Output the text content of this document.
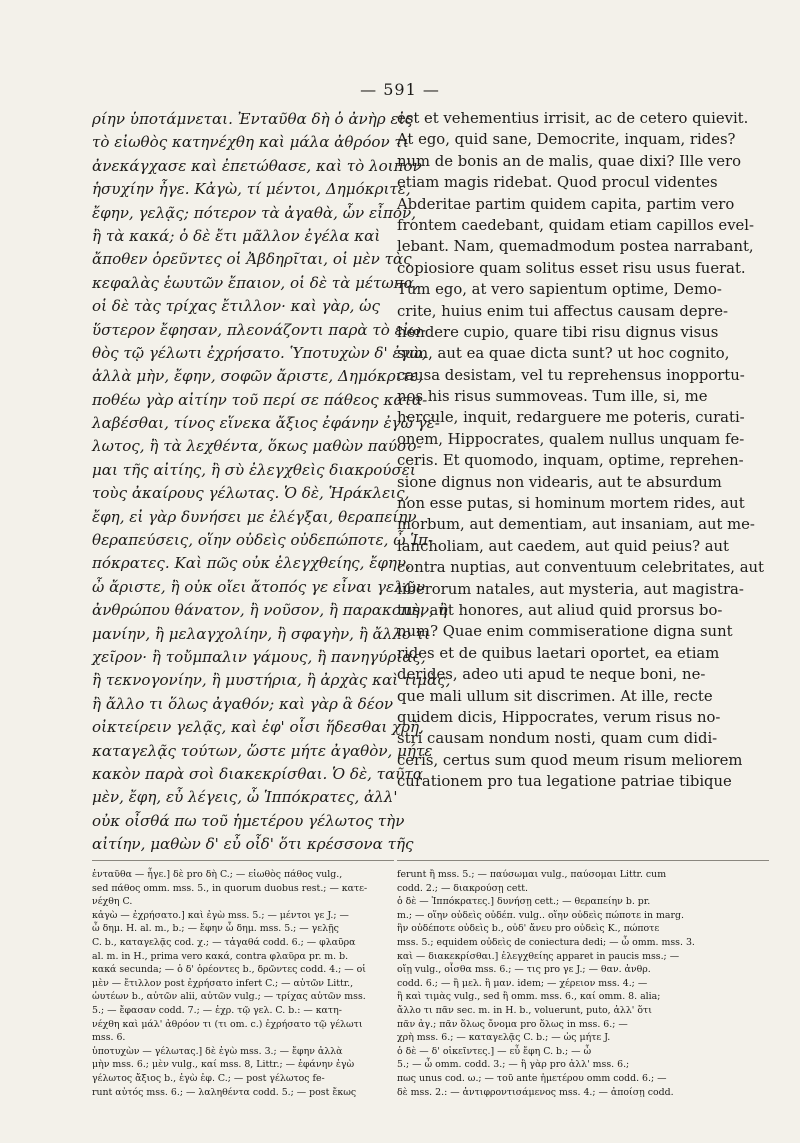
— 591 —
ρίην ὑποτάμνεται. Ἐνταῦθα δὴ ὁ ἀνὴρ εἰς
τὸ εἰωθὸς κατηνέχθη καὶ μάλα ἀθρόον τι
ἀνεκάγχασε καὶ ἐπετώθασε, καὶ τὸ λοιπὸν
ἡσυχίην ἦγε. Κἀγὼ, τί μέντοι, Δημόκριτε,
ἔφην, γελᾷς; πότερον τὰ ἀγαθὰ, ὧν εἶπον,
ἢ τὰ κακά; ὁ δὲ ἔτι μᾶλλον ἐγέλα καὶ
ἄποθεν ὁρεῦντες οἱ Ἀβδηρῖται, οἱ μὲν τὰς
κεφαλὰς ἑωυτῶν ἔπαιον, οἱ δὲ τὰ μέτωπα,
οἱ δὲ τὰς τρίχας ἔτιλλον· καὶ γὰρ, ὡς
ὕστερον ἔφησαν, πλεονάζοντι παρὰ τὸ εἰω-
θὸς τῷ γέλωτι ἐχρήσατο. Ὑποτυχὼν δ' ἐγὼ,
ἀλλὰ μὴν, ἔφην, σοφῶν ἄριστε, Δημόκριτε,
ποθέω γὰρ αἰτίην τοῦ περί σε πάθεος κατα-
λαβέσθαι, τίνος εἵνεκα ἄξιος ἐφάνην ἐγὼ γέ-
λωτος, ἢ τὰ λεχθέντα, ὅκως μαθὼν παύσο-
μαι τῆς αἰτίης, ἢ σὺ ἐλεγχθεὶς διακρούσει
τοὺς ἀκαίρους γέλωτας. Ὁ δὲ, Ἡράκλεις,
ἔφη, εἰ γὰρ δυνήσει με ἐλέγξαι, θεραπείην
θεραπεύσεις, οἵην οὐδεὶς οὐδεπώποτε, ὦ Ἱπ-
πόκρατες. Καὶ πῶς οὐκ ἐλεγχθείης, ἔφην,
ὦ ἄριστε, ἢ οὐκ οἴει ἄτοπός γε εἶναι γελῶν
ἀνθρώπου θάνατον, ἢ νοῦσον, ἢ παρακοπὴν, ἢ
μανίην, ἢ μελαγχολίην, ἢ σφαγὴν, ἢ ἄλλο τι
χεῖρον· ἢ τοὔμπαλιν γάμους, ἢ πανηγύριας,
ἢ τεκνογονίην, ἢ μυστήρια, ἢ ἀρχὰς καὶ τιμὰς,
ἢ ἄλλο τι ὅλως ἀγαθόν; καὶ γὰρ ἃ δέον
οἰκτείρειν γελᾷς, καὶ ἐφ' οἷσι ἥδεσθαι χρὴ,
καταγελᾷς τούτων, ὥστε μήτε ἀγαθὸν, μήτε
κακὸν παρὰ σοὶ διακεκρίσθαι. Ὁ δὲ, ταῦτα
μὲν, ἔφη, εὖ λέγεις, ὦ Ἱππόκρατες, ἀλλ'
οὐκ οἶσθά πω τοῦ ἡμετέρου γέλωτος τὴν
αἰτίην, μαθὼν δ' εὖ οἶδ' ὅτι κρέσσονα τῆς
est et vehementius irrisit, ac de cetero quievit.
At ego, quid sane, Democrite, inquam, rides?
num de bonis an de malis, quae dixi? Ille vero
etiam magis ridebat. Quod procul videntes
Abderitae partim quidem capita, partim vero
frontem caedebant, quidam etiam capillos evel-
lebant. Nam, quemadmodum postea narrabant,
copiosiore quam solitus esset risu usus fuerat.
Tum ego, at vero sapientum optime, Demo-
crite, huius enim tui affectus causam depre-
hendere cupio, quare tibi risu dignus visus
sum, aut ea quae dicta sunt? ut hoc cognito,
causa desistam, vel tu reprehensus inopportu-
nos his risus summoveas. Tum ille, si, me
hercule, inquit, redarguere me poteris, curati-
onem, Hippocrates, qualem nullus unquam fe-
ceris. Et quomodo, inquam, optime, reprehen-
sione dignus non videaris, aut te absurdum
non esse putas, si hominum mortem rides, aut
morbum, aut dementiam, aut insaniam, aut me-
lancholiam, aut caedem, aut quid peius? aut
contra nuptias, aut conventuum celebritates, aut
liberorum natales, aut mysteria, aut magistra-
tus, aut honores, aut aliud quid prorsus bo-
num? Quae enim commiseratione digna sunt
rides et de quibus laetari oportet, ea etiam
derides, adeo uti apud te neque boni, ne-
que mali ullum sit discrimen. At ille, recte
quidem dicis, Hippocrates, verum risus no-
stri causam nondum nosti, quam cum didi-
ceris, certus sum quod meum risum meliorem
curationem pro tua legatione patriae tibique
ἐνταῦθα — ἦγε.] δὲ pro δὴ C.; — εἰωθὸς πάθος vulg.,
sed πάθος omm. mss. 5., in quorum duobus rest.; — κατε-
νέχθη C.
κἀγὼ — ἐχρήσατο.] καὶ ἐγὼ mss. 5.; — μέντοι γε J.; —
ὦ δημ. H. al. m., b.; — ἔφην ὦ δημ. mss. 5.; — γελῇς
C. b., καταγελᾷς cod. χ.; — τἀγαθά codd. 6.; — φλαῦρα
al. m. in H., prima vero κακά, contra φλαῦρα pr. m. b.
κακά secunda; — ὁ δ' ὁρέοντες b., δρῶντες codd. 4.; — οἱ
μὲν — ἔτιλλον post ἐχρήσατο infert C.; — αὐτῶν Littr.,
ὡυτέων b., αὐτῶν alii, αὐτῶν vulg.; — τρίχας αὐτῶν mss.
5.; — ἔφασαν codd. 7.; — ἐχρ. τῷ γελ. C. b.: — κατη-
νέχθη καὶ μάλ' ἀθρόον τι (τι om. c.) ἐχρήσατο τῷ γέλωτι
mss. 6.
ὑποτυχὼν — γέλωτας.] δὲ ἐγὼ mss. 3.; — ἔφην ἀλλὰ
μὴν mss. 6.; μὲν vulg., καί mss. 8, Littr.; — ἐφάνην ἐγὼ
γέλωτος ἄξιος b., ἐγὼ ἐφ. C.; — post γέλωτος fe-
runt αὐτός mss. 6.; — λαληθέντα codd. 5.; — post ἔκως
ferunt ἢ mss. 5.; — παύσωμαι vulg., παύσομαι Littr. cum
codd. 2.; — διακρούσῃ cett.
ὁ δὲ — Ἱππόκρατες.] δυνήσῃ cett.; — θεραπείην b. pr.
m.; — οἵην οὐδεὶς οὐδέπ. vulg.. οἵην οὐδεὶς πώποτε in marg.
ἣν οὐδέποτε οὐδεὶς b., οὐδ' ἄνευ pro οὐδεὶς K., πώποτε
mss. 5.; equidem οὐδεὶς de coniectura dedi; — ὦ omm. mss. 3.
καὶ — διακεκρίσθαι.] ἐλεγχθείης apparet in paucis mss.; —
οἴῃ vulg., οἶσθα mss. 6.; — τις pro γε J.; — θαν. ἀνθρ.
codd. 6.; — ἢ μελ. ἢ μαν. idem; — χέρειον mss. 4.; —
ἢ καὶ τιμὰς vulg., sed ἢ omm. mss. 6., καί omm. 8. alia;
ἄλλο τι πᾶν sec. m. in H. b., voluerunt, puto, ἀλλ' ὅτι
πᾶν ἀγ.; πᾶν ὅλως ὄνομα pro ὅλως in mss. 6.; —
χρὴ mss. 6.; — καταγελᾷς C. b.; — ὡς μήτε J.
ὁ δὲ — δ' οἰκεῖντες.] — εὖ ἔφη C. b.; — ὦ
5.; — ὦ omm. codd. 3.; — ἢ γὰρ pro ἀλλ' mss. 6.;
πως unus cod. ω.; — τοῦ ante ἡμετέρου omm codd. 6.; —
δὲ mss. 2.: — ἀντιφροντισάμενος mss. 4.; — ἀποίσῃ codd.
